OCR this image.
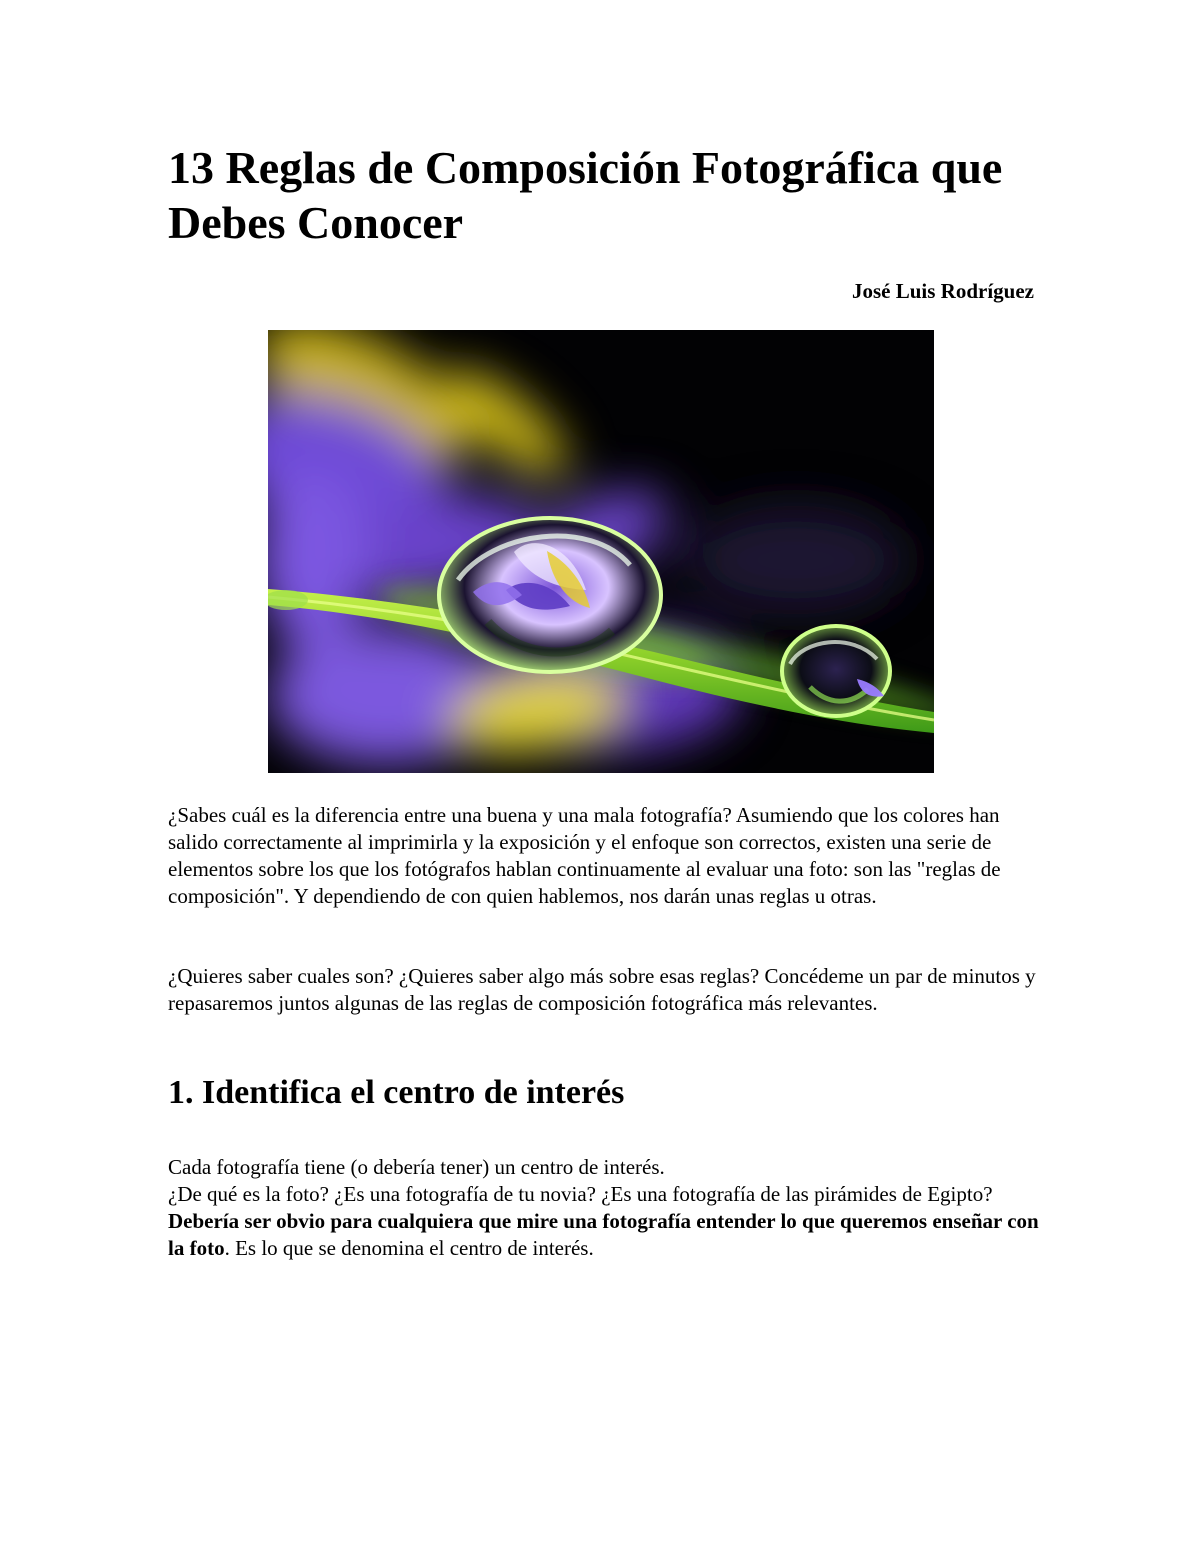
13 Reglas de Composición Fotográfica que Debes Conocer
José Luis Rodríguez

¿Sabes cuál es la diferencia entre una buena y una mala fotografía? Asumiendo que los colores han salido correctamente al imprimirla y la exposición y el enfoque son correctos, existen una serie de elementos sobre los que los fotógrafos hablan continuamente al evaluar una foto: son las "reglas de composición". Y dependiendo de con quien hablemos, nos darán unas reglas u otras.

¿Quieres saber cuales son? ¿Quieres saber algo más sobre esas reglas? Concédeme un par de minutos y repasaremos juntos algunas de las reglas de composición fotográfica más relevantes.

1. Identifica el centro de interés

Cada fotografía tiene (o debería tener) un centro de interés.
¿De qué es la foto? ¿Es una fotografía de tu novia? ¿Es una fotografía de las pirámides de Egipto? Debería ser obvio para cualquiera que mire una fotografía entender lo que queremos enseñar con la foto. Es lo que se denomina el centro de interés.
